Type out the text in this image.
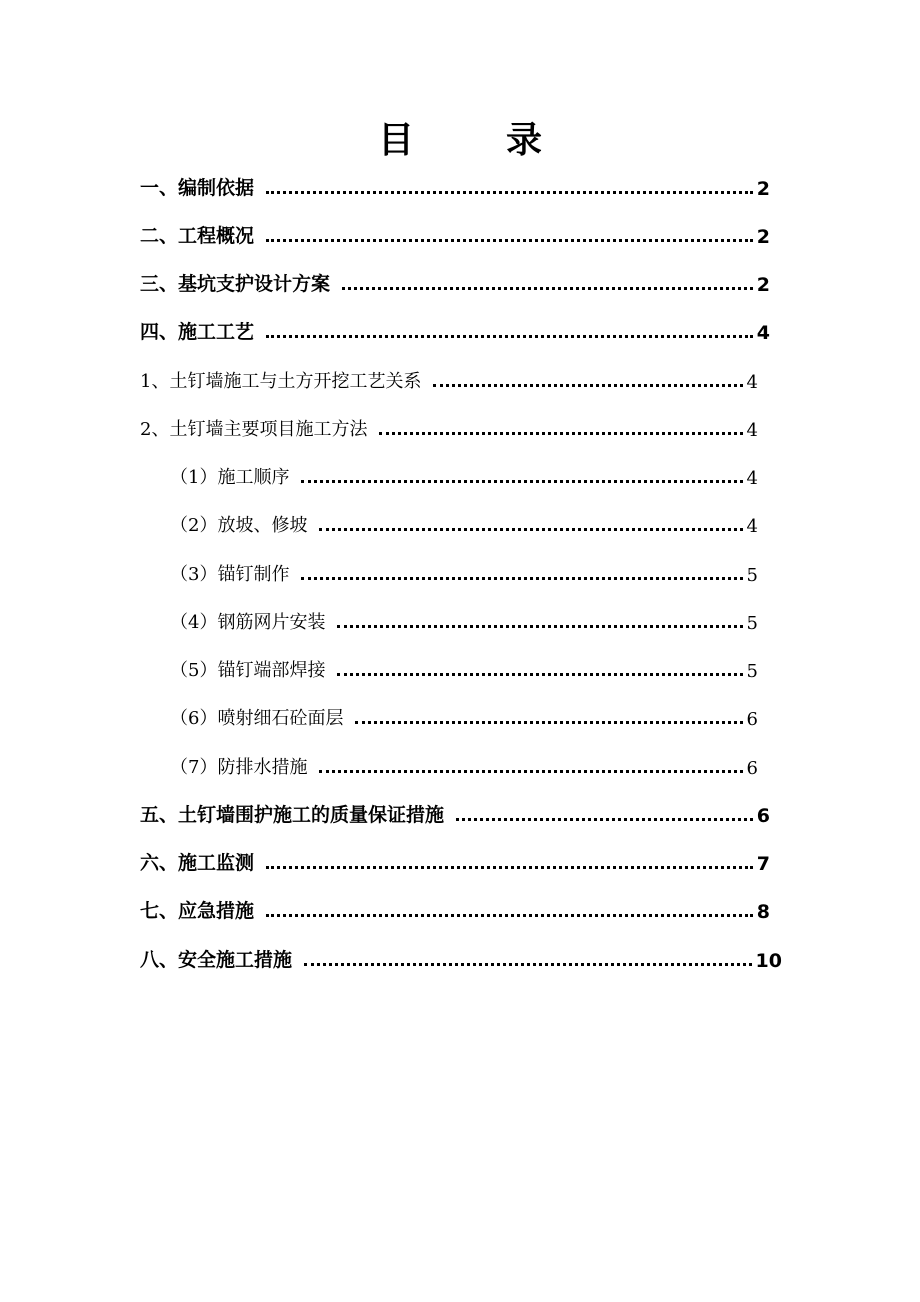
目　录
一、编制依据	2
二、工程概况	2
三、基坑支护设计方案	2
四、施工工艺	4
1、土钉墙施工与土方开挖工艺关系	4
2、土钉墙主要项目施工方法	4
（1）施工顺序	4
（2）放坡、修坡	4
（3）锚钉制作	5
（4）钢筋网片安装	5
（5）锚钉端部焊接	5
（6）喷射细石砼面层	6
（7）防排水措施	6
五、土钉墙围护施工的质量保证措施	6
六、施工监测	7
七、应急措施	8
八、安全施工措施	10
